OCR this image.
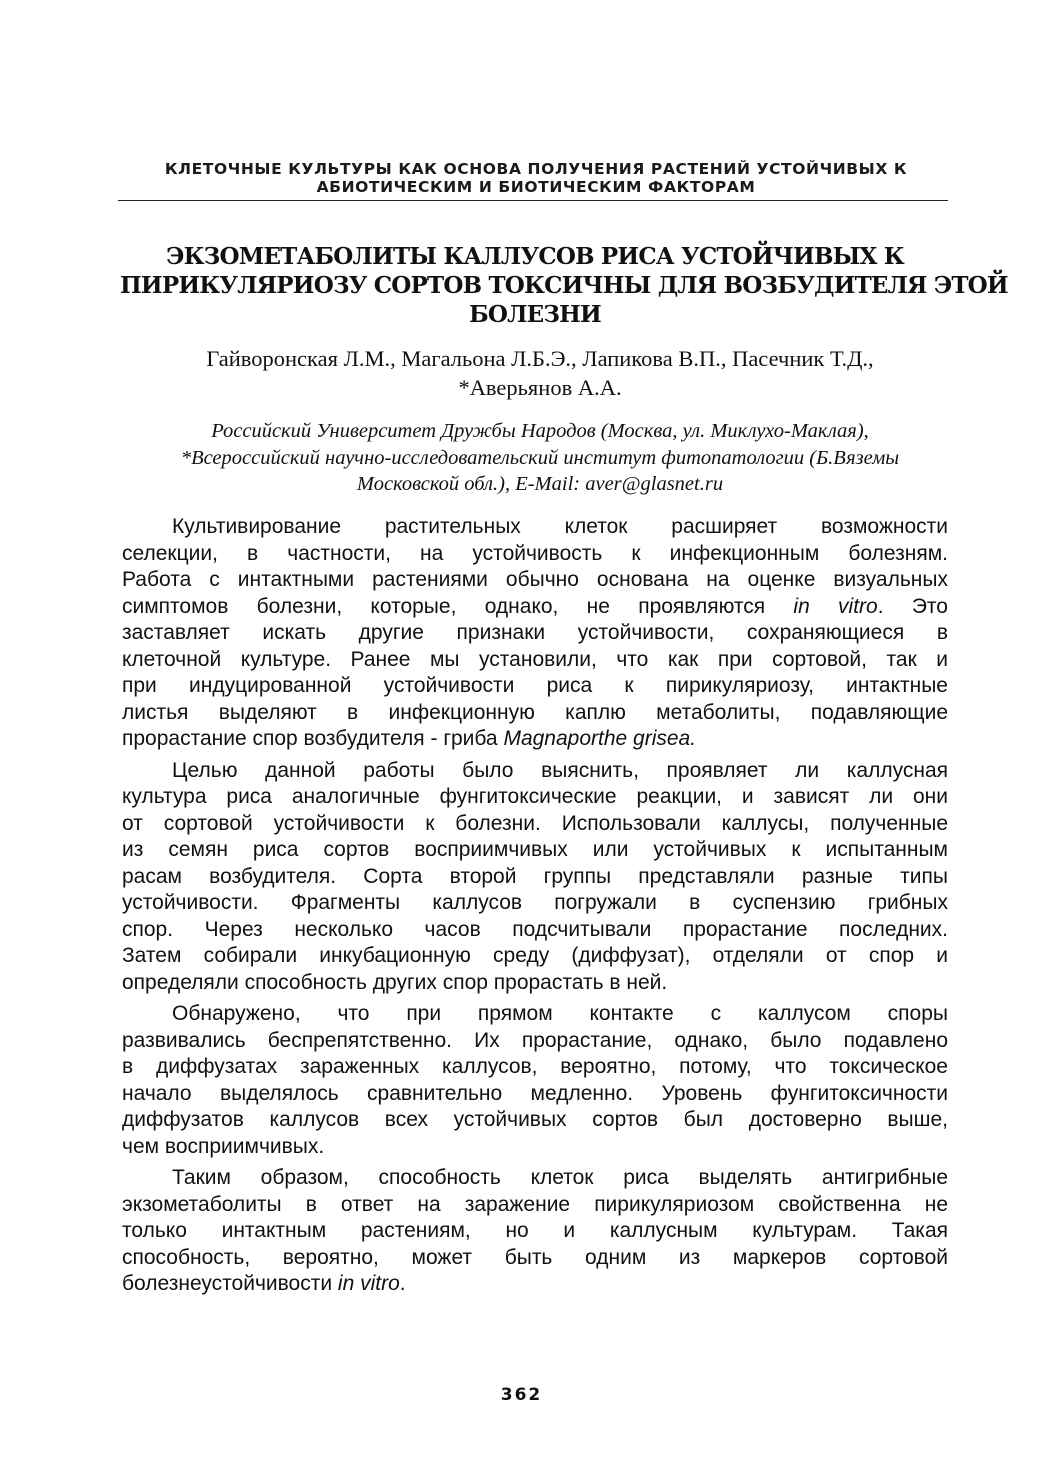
КЛЕТОЧНЫЕ КУЛЬТУРЫ КАК ОСНОВА ПОЛУЧЕНИЯ РАСТЕНИЙ УСТОЙЧИВЫХ К
АБИОТИЧЕСКИМ И БИОТИЧЕСКИМ ФАКТОРАМ
ЭКЗОМЕТАБОЛИТЫ КАЛЛУСОВ РИСА УСТОЙЧИВЫХ К
ПИРИКУЛЯРИОЗУ СОРТОВ ТОКСИЧНЫ ДЛЯ ВОЗБУДИТЕЛЯ ЭТОЙ
БОЛЕЗНИ
Гайворонская Л.М., Магальона Л.Б.Э., Лапикова В.П., Пасечник Т.Д.,
*Аверьянов А.А.
Российский Университет Дружбы Народов (Москва, ул. Миклухо-Маклая),
*Всероссийский научно-исследовательский институт фитопатологии (Б.Вяземы
Московской обл.), E-Mail: aver@glasnet.ru
Культивирование растительных клеток расширяет возможности
селекции, в частности, на устойчивость к инфекционным болезням.
Работа с интактными растениями обычно основана на оценке визуальных
симптомов болезни, которые, однако, не проявляются in vitro. Это
заставляет искать другие признаки устойчивости, сохраняющиеся в
клеточной культуре. Ранее мы установили, что как при сортовой, так и
при индуцированной устойчивости риса к пирикуляриозу, интактные
листья выделяют в инфекционную каплю метаболиты, подавляющие
прорастание спор возбудителя - гриба Magnaporthe grisea.
Целью данной работы было выяснить, проявляет ли каллусная
культура риса аналогичные фунгитоксические реакции, и зависят ли они
от сортовой устойчивости к болезни. Использовали каллусы, полученные
из семян риса сортов восприимчивых или устойчивых к испытанным
расам возбудителя. Сорта второй группы представляли разные типы
устойчивости. Фрагменты каллусов погружали в суспензию грибных
спор. Через несколько часов подсчитывали прорастание последних.
Затем собирали инкубационную среду (диффузат), отделяли от спор и
определяли способность других спор прорастать в ней.
Обнаружено, что при прямом контакте с каллусом споры
развивались беспрепятственно. Их прорастание, однако, было подавлено
в диффузатах зараженных каллусов, вероятно, потому, что токсическое
начало выделялось сравнительно медленно. Уровень фунгитоксичности
диффузатов каллусов всех устойчивых сортов был достоверно выше,
чем восприимчивых.
Таким образом, способность клеток риса выделять антигрибные
экзометаболиты в ответ на заражение пирикуляриозом свойственна не
только интактным растениям, но и каллусным культурам. Такая
способность, вероятно, может быть одним из маркеров сортовой
болезнеустойчивости in vitro.
362
